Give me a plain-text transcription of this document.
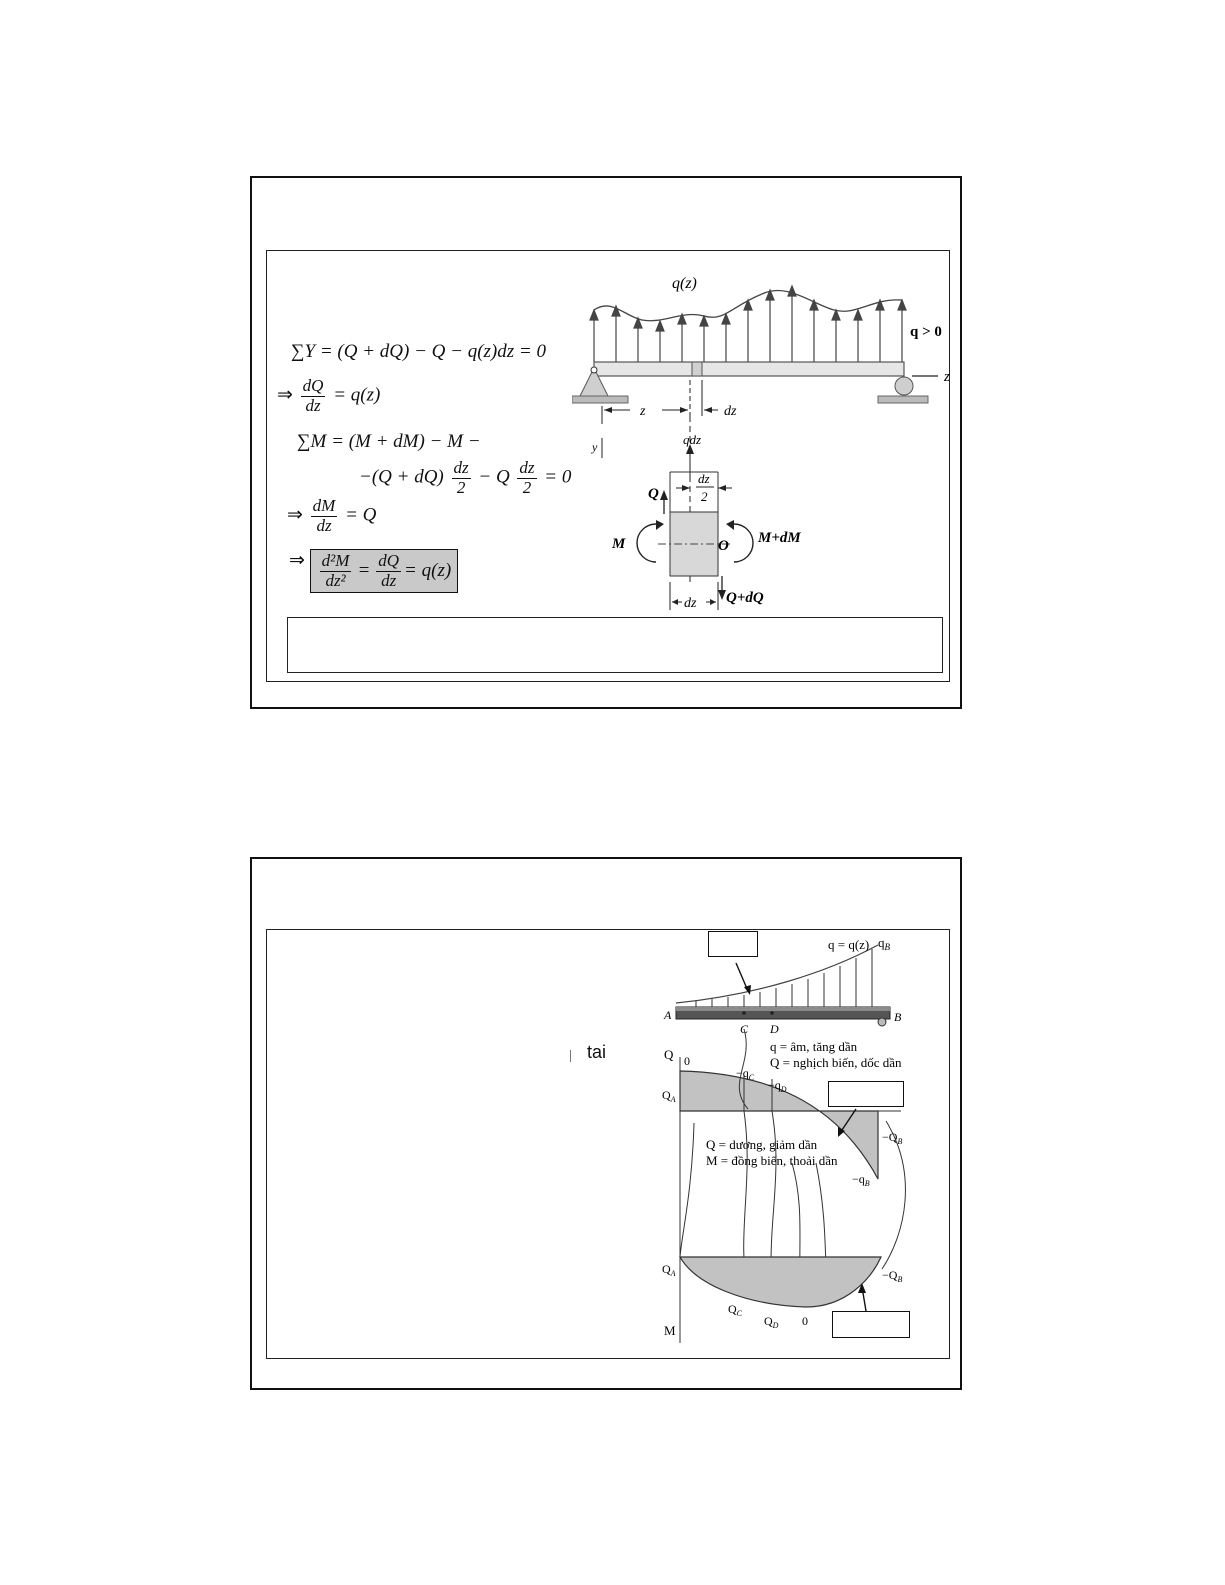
∑Y = (Q + dQ) − Q − q(z)dz = 0
⇒ $\frac{dQ}{dz} = q(z)$
∑M = (M + dM) − M −
$-(Q + dQ) \frac{dz}{2} - Q \frac{dz}{2} = 0$
⇒ $\frac{dM}{dz} = Q$
⇒ $\frac{\text{d²M}}{\text{dz²}} = \frac{dQ}{dz} = q(z)$
q(z)
q > 0
z
z	dz
y	qdz
dz
2
Q
M	M+dM
O
Q+dQ
dz
tai
q = q(z) $q_B$
A	B
C D
q = âm, tăng dần
Q = nghịch biến, dốc dần
Q 0
$Q_A$
$-q_C$
$-q_D$
$-Q_B$
$-q_B$
Q = dương, giảm dần
M = đồng biến, thoải dần
$Q_A$	$-Q_B$
$Q_C$
$Q_D$ 0
M
